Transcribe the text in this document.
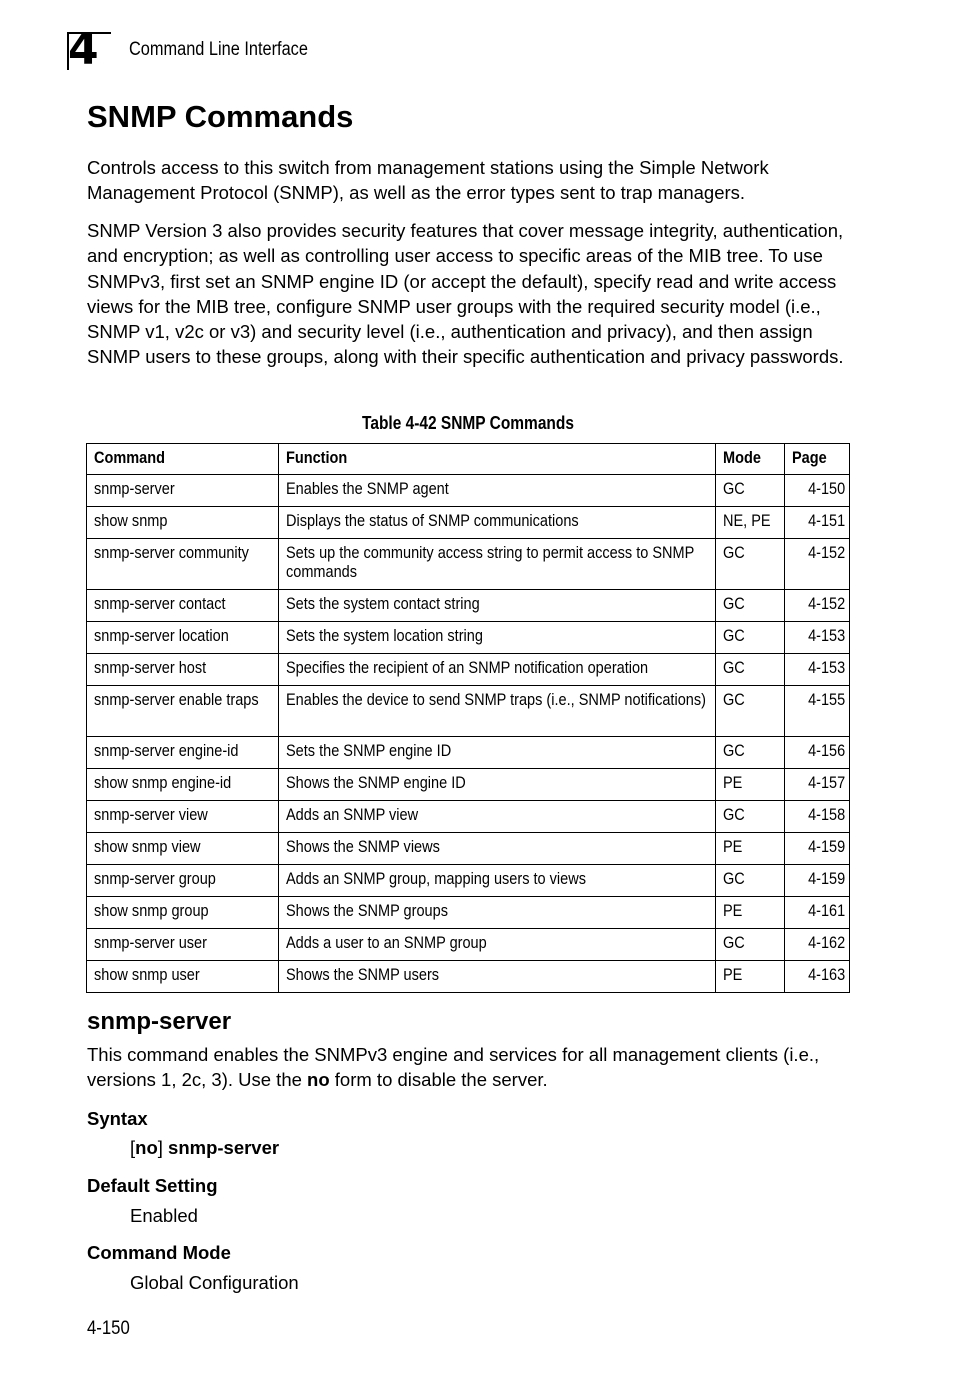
4 Command Line Interface
SNMP Commands

Controls access to this switch from management stations using the Simple Network Management Protocol (SNMP), as well as the error types sent to trap managers.

SNMP Version 3 also provides security features that cover message integrity, authentication, and encryption; as well as controlling user access to specific areas of the MIB tree. To use SNMPv3, first set an SNMP engine ID (or accept the default), specify read and write access views for the MIB tree, configure SNMP user groups with the required security model (i.e., SNMP v1, v2c or v3) and security level (i.e., authentication and privacy), and then assign SNMP users to these groups, along with their specific authentication and privacy passwords.

Table 4-42 SNMP Commands
Command	Function	Mode	Page
snmp-server	Enables the SNMP agent	GC	4-150
show snmp	Displays the status of SNMP communications	NE, PE	4-151
snmp-server community	Sets up the community access string to permit access to SNMP commands	GC	4-152
snmp-server contact	Sets the system contact string	GC	4-152
snmp-server location	Sets the system location string	GC	4-153
snmp-server host	Specifies the recipient of an SNMP notification operation	GC	4-153
snmp-server enable traps	Enables the device to send SNMP traps (i.e., SNMP notifications)	GC	4-155
snmp-server engine-id	Sets the SNMP engine ID	GC	4-156
show snmp engine-id	Shows the SNMP engine ID	PE	4-157
snmp-server view	Adds an SNMP view	GC	4-158
show snmp view	Shows the SNMP views	PE	4-159
snmp-server group	Adds an SNMP group, mapping users to views	GC	4-159
show snmp group	Shows the SNMP groups	PE	4-161
snmp-server user	Adds a user to an SNMP group	GC	4-162
show snmp user	Shows the SNMP users	PE	4-163
snmp-server

This command enables the SNMPv3 engine and services for all management clients (i.e., versions 1, 2c, 3). Use the no form to disable the server.

Syntax

[no] snmp-server

Default Setting

Enabled

Command Mode

Global Configuration

4-150
